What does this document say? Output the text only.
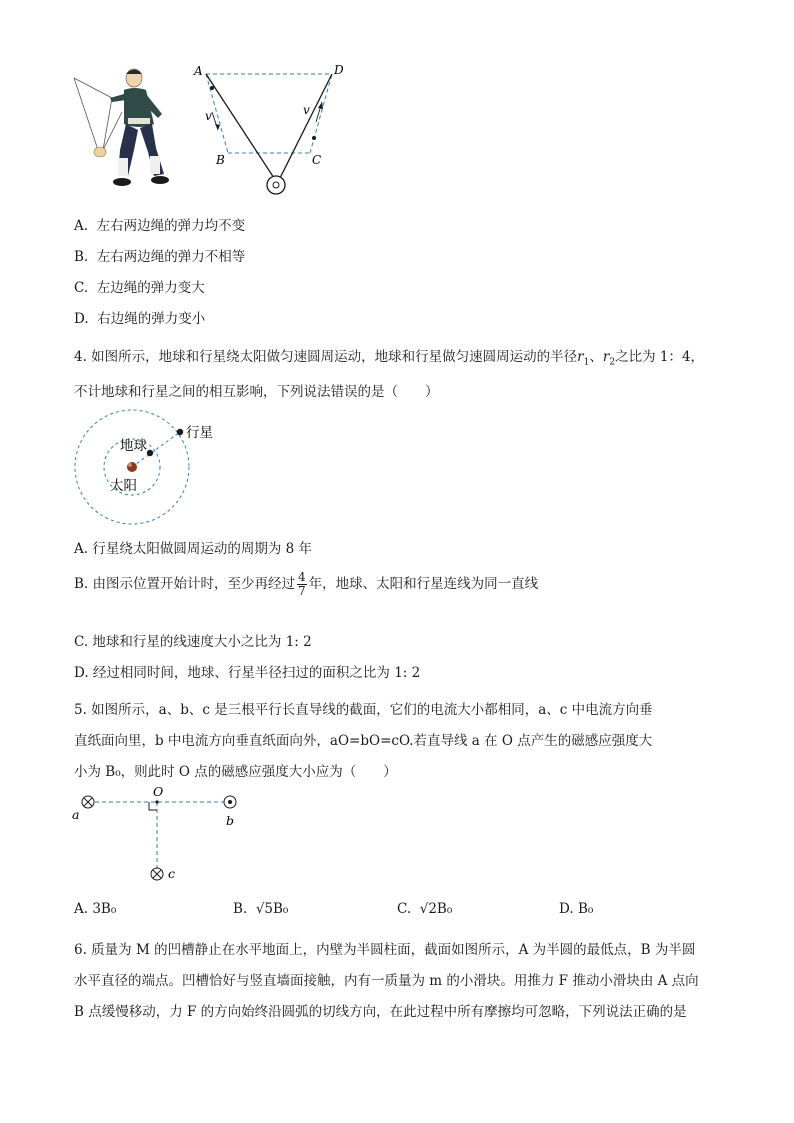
A	D
B	C
v	v
A. 左右两边绳的弹力均不变
B. 左右两边绳的弹力不相等
C. 左边绳的弹力变大
D. 右边绳的弹力变小
4. 如图所示，地球和行星绕太阳做匀速圆周运动，地球和行星做匀速圆周运动的半径$r_1$、$r_2$之比为 1：4，
不计地球和行星之间的相互影响，下列说法错误的是（　　）
地球
行星
太阳
A. 行星绕太阳做圆周运动的周期为 8 年
B. 由图示位置开始计时，至少再经过 $\frac{4}{7}$ 年，地球、太阳和行星连线为同一直线
C. 地球和行星的线速度大小之比为 1: 2
D. 经过相同时间，地球、行星半径扫过的面积之比为 1: 2
5. 如图所示，a、b、c 是三根平行长直导线的截面，它们的电流大小都相同，a、c 中电流方向垂
直纸面向里，b 中电流方向垂直纸面向外，aO=bO=cO.若直导线 a 在 O 点产生的磁感应强度大
小为 B₀，则此时 O 点的磁感应强度大小应为（　　）
O
a	b
c
A. 3B₀	B. √5B₀	C. √2B₀	D. B₀
6. 质量为 M 的凹槽静止在水平地面上，内壁为半圆柱面，截面如图所示，A 为半圆的最低点，B 为半圆
水平直径的端点。凹槽恰好与竖直墙面接触，内有一质量为 m 的小滑块。用推力 F 推动小滑块由 A 点向
B 点缓慢移动，力 F 的方向始终沿圆弧的切线方向，在此过程中所有摩擦均可忽略，下列说法正确的是
